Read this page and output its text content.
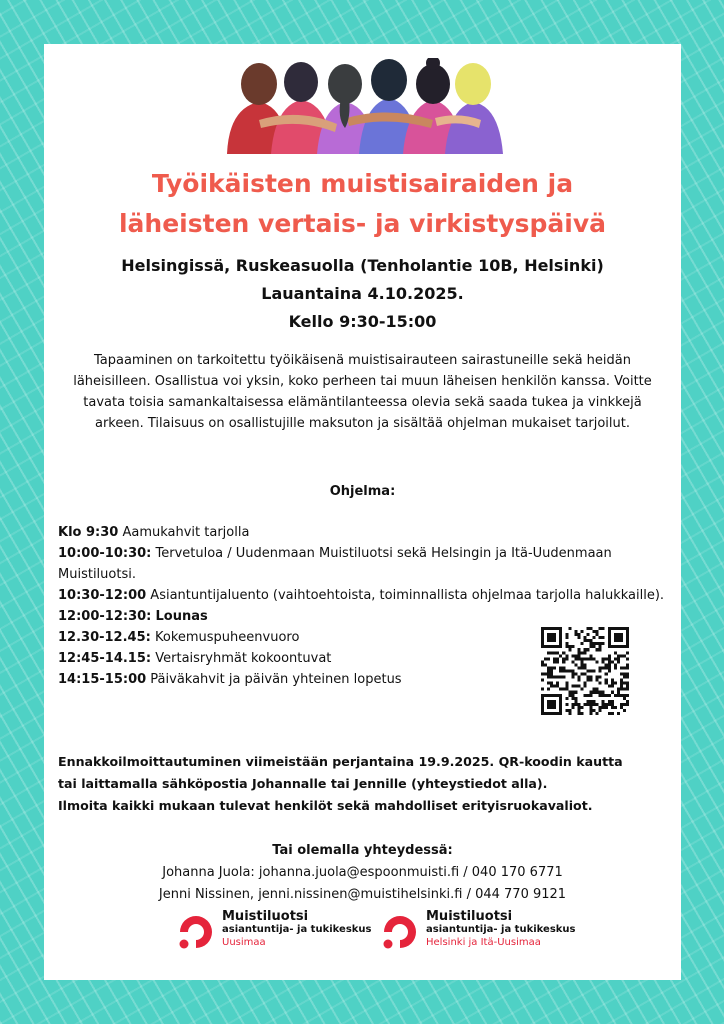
Työikäisten muistisairaiden ja
läheisten vertais- ja virkistyspäivä
Helsingissä, Ruskeasuolla (Tenholantie 10B, Helsinki)
Lauantaina 4.10.2025.
Kello 9:30-15:00
Tapaaminen on tarkoitettu työikäisenä muistisairauteen sairastuneille sekä heidän läheisilleen. Osallistua voi yksin, koko perheen tai muun läheisen henkilön kanssa. Voitte tavata toisia samankaltaisessa elämäntilanteessa olevia sekä saada tukea ja vinkkejä arkeen. Tilaisuus on osallistujille maksuton ja sisältää ohjelman mukaiset tarjoilut.
Ohjelma:

Klo 9:30 Aamukahvit tarjolla

10:00-10:30: Tervetuloa / Uudenmaan Muistiluotsi sekä Helsingin ja Itä-Uudenmaan Muistiluotsi.

10:30-12:00 Asiantuntijaluento (vaihtoehtoista, toiminnallista ohjelmaa tarjolla halukkaille).

12:00-12:30: Lounas

12.30-12.45: Kokemuspuheenvuoro

12:45-14.15: Vertaisryhmät kokoontuvat

14:15-15:00 Päiväkahvit ja päivän yhteinen lopetus

Ennakkoilmoittautuminen viimeistään perjantaina 19.9.2025. QR-koodin kautta
tai laittamalla sähköpostia Johannalle tai Jennille (yhteystiedot alla).
Ilmoita kaikki mukaan tulevat henkilöt sekä mahdolliset erityisruokavaliot.
Tai olemalla yhteydessä:
Johanna Juola: johanna.juola@espoonmuisti.fi / 040 170 6771
Jenni Nissinen, jenni.nissinen@muistihelsinki.fi / 044 770 9121
Muistiluotsi
asiantuntija- ja tukikeskus
Uusimaa
Muistiluotsi
asiantuntija- ja tukikeskus
Helsinki ja Itä-Uusimaa
